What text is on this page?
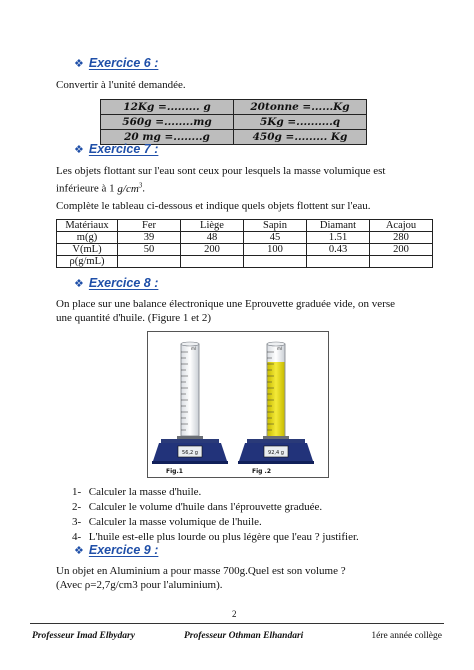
❖ Exercice 6 :
Convertir à l'unité demandée.
12Kg =......... g	20tonne =......Kg
560g =........mg	5Kg =..........q
20 mg =........g	450g =......... Kg
❖ Exercice 7 :
Les objets flottant sur l'eau sont ceux pour lesquels la masse volumique est
inférieure à 1 $g/cm^3$.
Complète le tableau ci-dessous et indique quels objets flottent sur l'eau.
Matériaux	Fer	Liège	Sapin	Diamant	Acajou
m(g)	39	48	45	1.51	280
V(mL)	50	200	100	0.43	200
ρ(g/mL)					
❖ Exercice 8 :
On place sur une balance électronique une Eprouvette graduée vide, on verse
une quantité d'huile. (Figure 1 et 2)
ml
56,2 g
ml
92,4 g
Fig.1	Fig .2
1- Calculer la masse d'huile.
2- Calculer le volume d'huile dans l'éprouvette graduée.
3- Calculer la masse volumique de l'huile.
4- L'huile est-elle plus lourde ou plus légère que l'eau ? justifier.
❖ Exercice 9 :
Un objet en Aluminium a pour masse 700g.Quel est son volume ?
(Avec ρ=2,7g/cm3 pour l'aluminium).
2
Professeur Imad Elbydary	Professeur Othman Elhandari	1ére année collège
